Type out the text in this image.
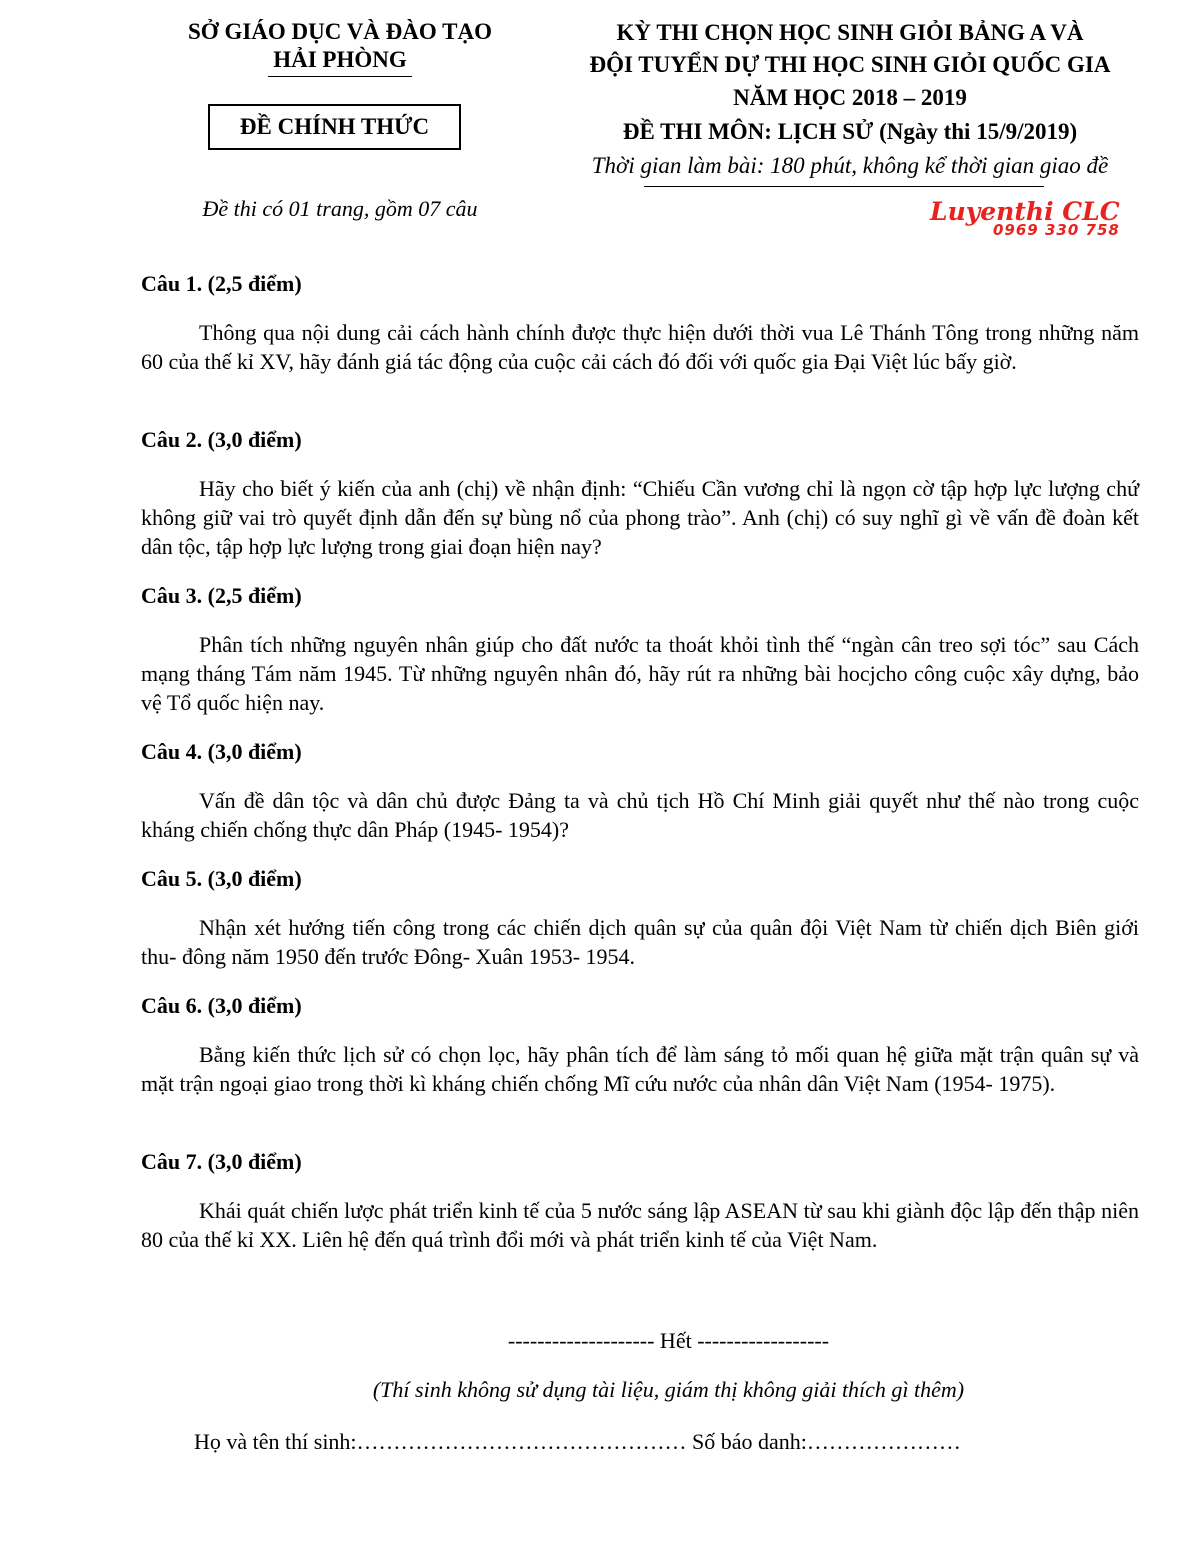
SỞ GIÁO DỤC VÀ ĐÀO TẠO
HẢI PHÒNG
ĐỀ CHÍNH THỨC
Đề thi có 01 trang, gồm 07 câu
KỲ THI CHỌN HỌC SINH GIỎI BẢNG A VÀ
ĐỘI TUYỂN DỰ THI HỌC SINH GIỎI QUỐC GIA
NĂM HỌC 2018 – 2019
ĐỀ THI MÔN: LỊCH SỬ (Ngày thi 15/9/2019)
Thời gian làm bài: 180 phút, không kể thời gian giao đề
Luyenthi CLC
0969 330 758

Câu 1. (2,5 điểm)

Thông qua nội dung cải cách hành chính được thực hiện dưới thời vua Lê Thánh Tông trong những năm 60 của thế kỉ XV, hãy đánh giá tác động của cuộc cải cách đó đối với quốc gia Đại Việt lúc bấy giờ.

Câu 2. (3,0 điểm)

Hãy cho biết ý kiến của anh (chị) về nhận định: “Chiếu Cần vương chỉ là ngọn cờ tập hợp lực lượng chứ không giữ vai trò quyết định dẫn đến sự bùng nổ của phong trào”. Anh (chị) có suy nghĩ gì về vấn đề đoàn kết dân tộc, tập hợp lực lượng trong giai đoạn hiện nay?

Câu 3. (2,5 điểm)

Phân tích những nguyên nhân giúp cho đất nước ta thoát khỏi tình thế “ngàn cân treo sợi tóc” sau Cách mạng tháng Tám năm 1945. Từ những nguyên nhân đó, hãy rút ra những bài hocjcho công cuộc xây dựng, bảo vệ Tổ quốc hiện nay.

Câu 4. (3,0 điểm)

Vấn đề dân tộc và dân chủ được Đảng ta và chủ tịch Hồ Chí Minh giải quyết như thế nào trong cuộc kháng chiến chống thực dân Pháp (1945- 1954)?

Câu 5. (3,0 điểm)

Nhận xét hướng tiến công trong các chiến dịch quân sự của quân đội Việt Nam từ chiến dịch Biên giới thu- đông năm 1950 đến trước Đông- Xuân 1953- 1954.

Câu 6. (3,0 điểm)

Bằng kiến thức lịch sử có chọn lọc, hãy phân tích để làm sáng tỏ mối quan hệ giữa mặt trận quân sự và mặt trận ngoại giao trong thời kì kháng chiến chống Mĩ cứu nước của nhân dân Việt Nam (1954- 1975).

Câu 7. (3,0 điểm)

Khái quát chiến lược phát triển kinh tế của 5 nước sáng lập ASEAN từ sau khi giành độc lập đến thập niên 80 của thế kỉ XX. Liên hệ đến quá trình đổi mới và phát triển kinh tế của Việt Nam.

-------------------- Hết ------------------
(Thí sinh không sử dụng tài liệu, giám thị không giải thích gì thêm)
Họ và tên thí sinh:……………………………………… Số báo danh:…………………
